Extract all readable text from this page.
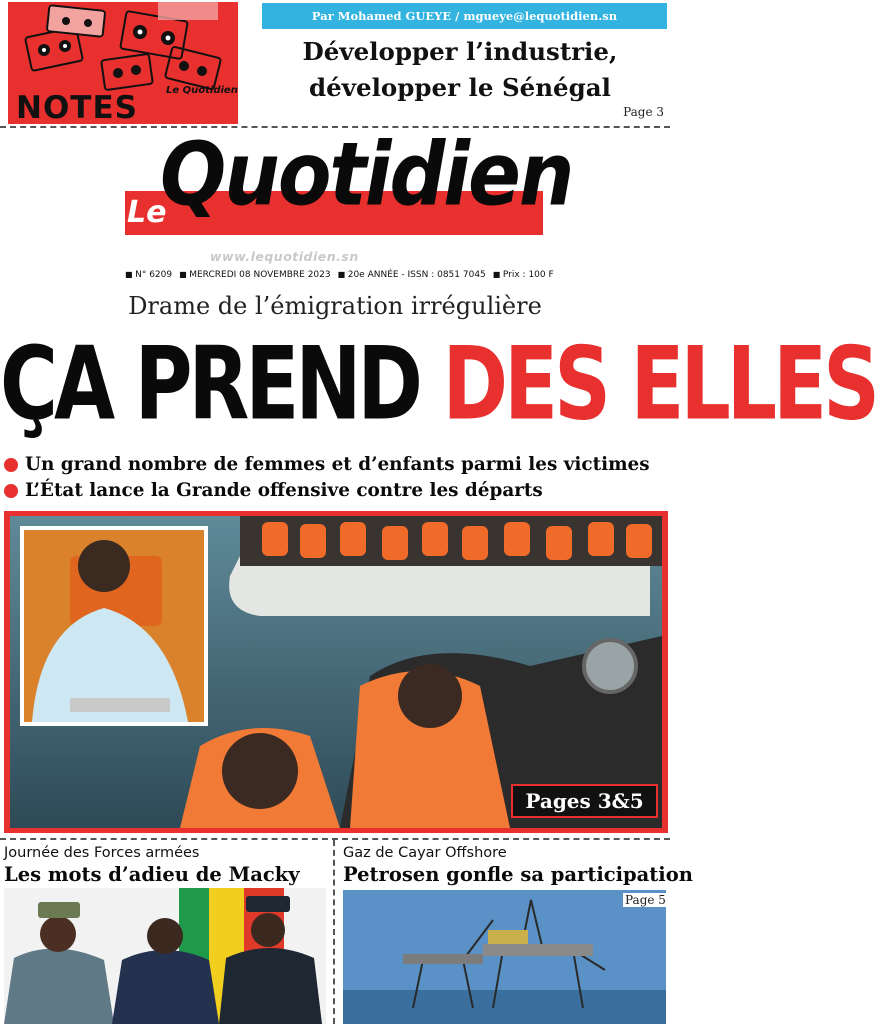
NOTES	Le Quotidien
Par Mohamed GUEYE / mgueye@lequotidien.sn
Développer l’industrie,
développer le Sénégal
Page 3
Quotidien
Le
www.lequotidien.sn
■ N° 6209	■ MERCREDI 08 NOVEMBRE 2023	■ 20e ANNÉE - ISSN : 0851 7045	■ Prix : 100 F
Drame de l’émigration irrégulière
ÇA PREND DES ELLES
Un grand nombre de femmes et d’enfants parmi les victimes
L’État lance la Grande offensive contre les départs
Pages 3&5
Journée des Forces armées
Les mots d’adieu de Macky
Gaz de Cayar Offshore
Petrosen gonfle sa participation
Page 5
